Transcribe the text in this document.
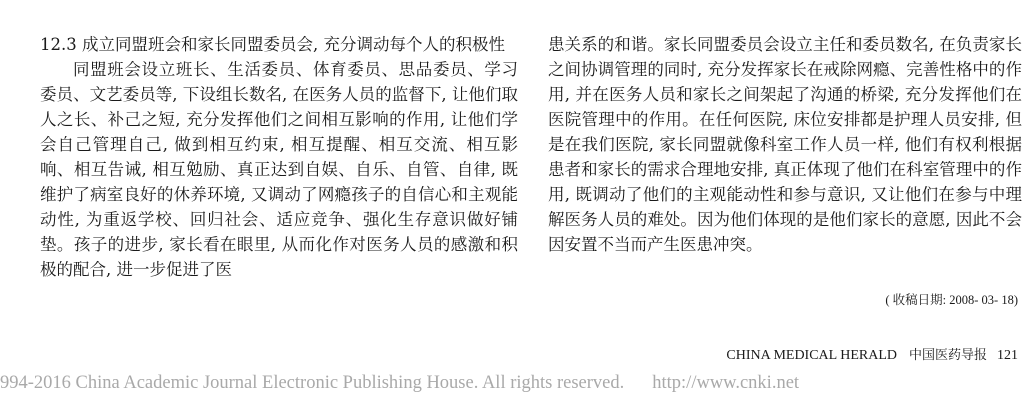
12.3 成立同盟班会和家长同盟委员会, 充分调动每个人的积极性

同盟班会设立班长、生活委员、体育委员、思品委员、学习委员、文艺委员等, 下设组长数名, 在医务人员的监督下, 让他们取人之长、补己之短, 充分发挥他们之间相互影响的作用, 让他们学会自己管理自己, 做到相互约束, 相互提醒、相互交流、相互影响、相互告诫, 相互勉励、真正达到自娱、自乐、自管、自律, 既维护了病室良好的休养环境, 又调动了网瘾孩子的自信心和主观能动性, 为重返学校、回归社会、适应竞争、强化生存意识做好铺垫。孩子的进步, 家长看在眼里, 从而化作对医务人员的感激和积极的配合, 进一步促进了医

患关系的和谐。家长同盟委员会设立主任和委员数名, 在负责家长之间协调管理的同时, 充分发挥家长在戒除网瘾、完善性格中的作用, 并在医务人员和家长之间架起了沟通的桥梁, 充分发挥他们在医院管理中的作用。在任何医院, 床位安排都是护理人员安排, 但是在我们医院, 家长同盟就像科室工作人员一样, 他们有权利根据患者和家长的需求合理地安排, 真正体现了他们在科室管理中的作用, 既调动了他们的主观能动性和参与意识, 又让他们在参与中理解医务人员的难处。因为他们体现的是他们家长的意愿, 因此不会因安置不当而产生医患冲突。

( 收稿日期: 2008- 03- 18)
CHINA MEDICAL HERALD 中国医药导报 121
994-2016 China Academic Journal Electronic Publishing House. All rights reserved. http://www.cnki.net
